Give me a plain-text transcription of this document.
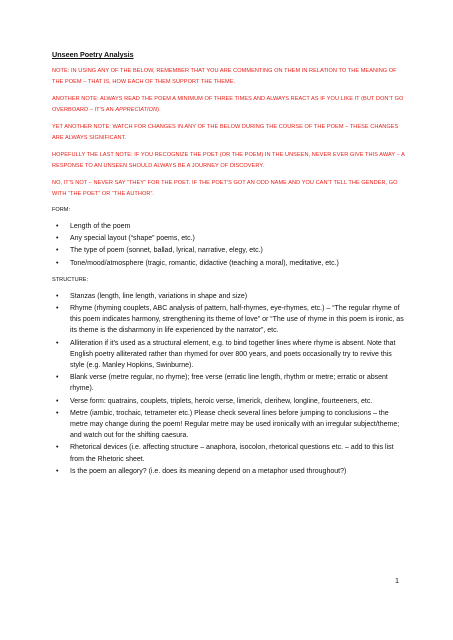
Unseen Poetry Analysis

NOTE: IN USING ANY OF THE BELOW, REMEMBER THAT YOU ARE COMMENTING ON THEM IN RELATION TO THE MEANING OF THE POEM – THAT IS, HOW EACH OF THEM SUPPORT THE THEME.

ANOTHER NOTE: ALWAYS READ THE POEM A MINIMUM OF THREE TIMES AND ALWAYS REACT AS IF YOU LIKE IT (BUT DON'T GO OVERBOARD – IT'S AN APPRECIATION).

YET ANOTHER NOTE: WATCH FOR CHANGES IN ANY OF THE BELOW DURING THE COURSE OF THE POEM – THESE CHANGES ARE ALWAYS SIGNIFICANT.

HOPEFULLY THE LAST NOTE: IF YOU RECOGNIZE THE POET (OR THE POEM) IN THE UNSEEN, NEVER EVER GIVE THIS AWAY – A RESPONSE TO AN UNSEEN SHOULD ALWAYS BE A JOURNEY OF DISCOVERY.

NO, IT'S NOT – NEVER SAY “THEY” FOR THE POET. IF THE POET'S GOT AN ODD NAME AND YOU CAN'T TELL THE GENDER, GO WITH “THE POET” OR “THE AUTHOR”.

FORM:
• Length of the poem
• Any special layout (“shape” poems, etc.)
• The type of poem (sonnet, ballad, lyrical, narrative, elegy, etc.)
• Tone/mood/atmosphere (tragic, romantic, didactive (teaching a moral), meditative, etc.)
STRUCTURE:
• Stanzas (length, line length, variations in shape and size)
• Rhyme (rhyming couplets, ABC analysis of pattern, half-rhymes, eye-rhymes, etc.) – “The regular rhyme of this poem indicates harmony, strengthening its theme of love” or “The use of rhyme in this poem is ironic, as its theme is the disharmony in life experienced by the narrator”, etc.
• Alliteration if it's used as a structural element, e.g. to bind together lines where rhyme is absent. Note that English poetry alliterated rather than rhymed for over 800 years, and poets occasionally try to revive this style (e.g. Manley Hopkins, Swinburne).
• Blank verse (metre regular, no rhyme); free verse (erratic line length, rhythm or metre; erratic or absent rhyme).
• Verse form: quatrains, couplets, triplets, heroic verse, limerick, clerihew, longline, fourteeners, etc.
• Metre (iambic, trochaic, tetrameter etc.) Please check several lines before jumping to conclusions – the metre may change during the poem! Regular metre may be used ironically with an irregular subject/theme; and watch out for the shifting caesura.
• Rhetorical devices (i.e. affecting structure – anaphora, isocolon, rhetorical questions etc. – add to this list from the Rhetoric sheet.
• Is the poem an allegory? (i.e. does its meaning depend on a metaphor used throughout?)
1
